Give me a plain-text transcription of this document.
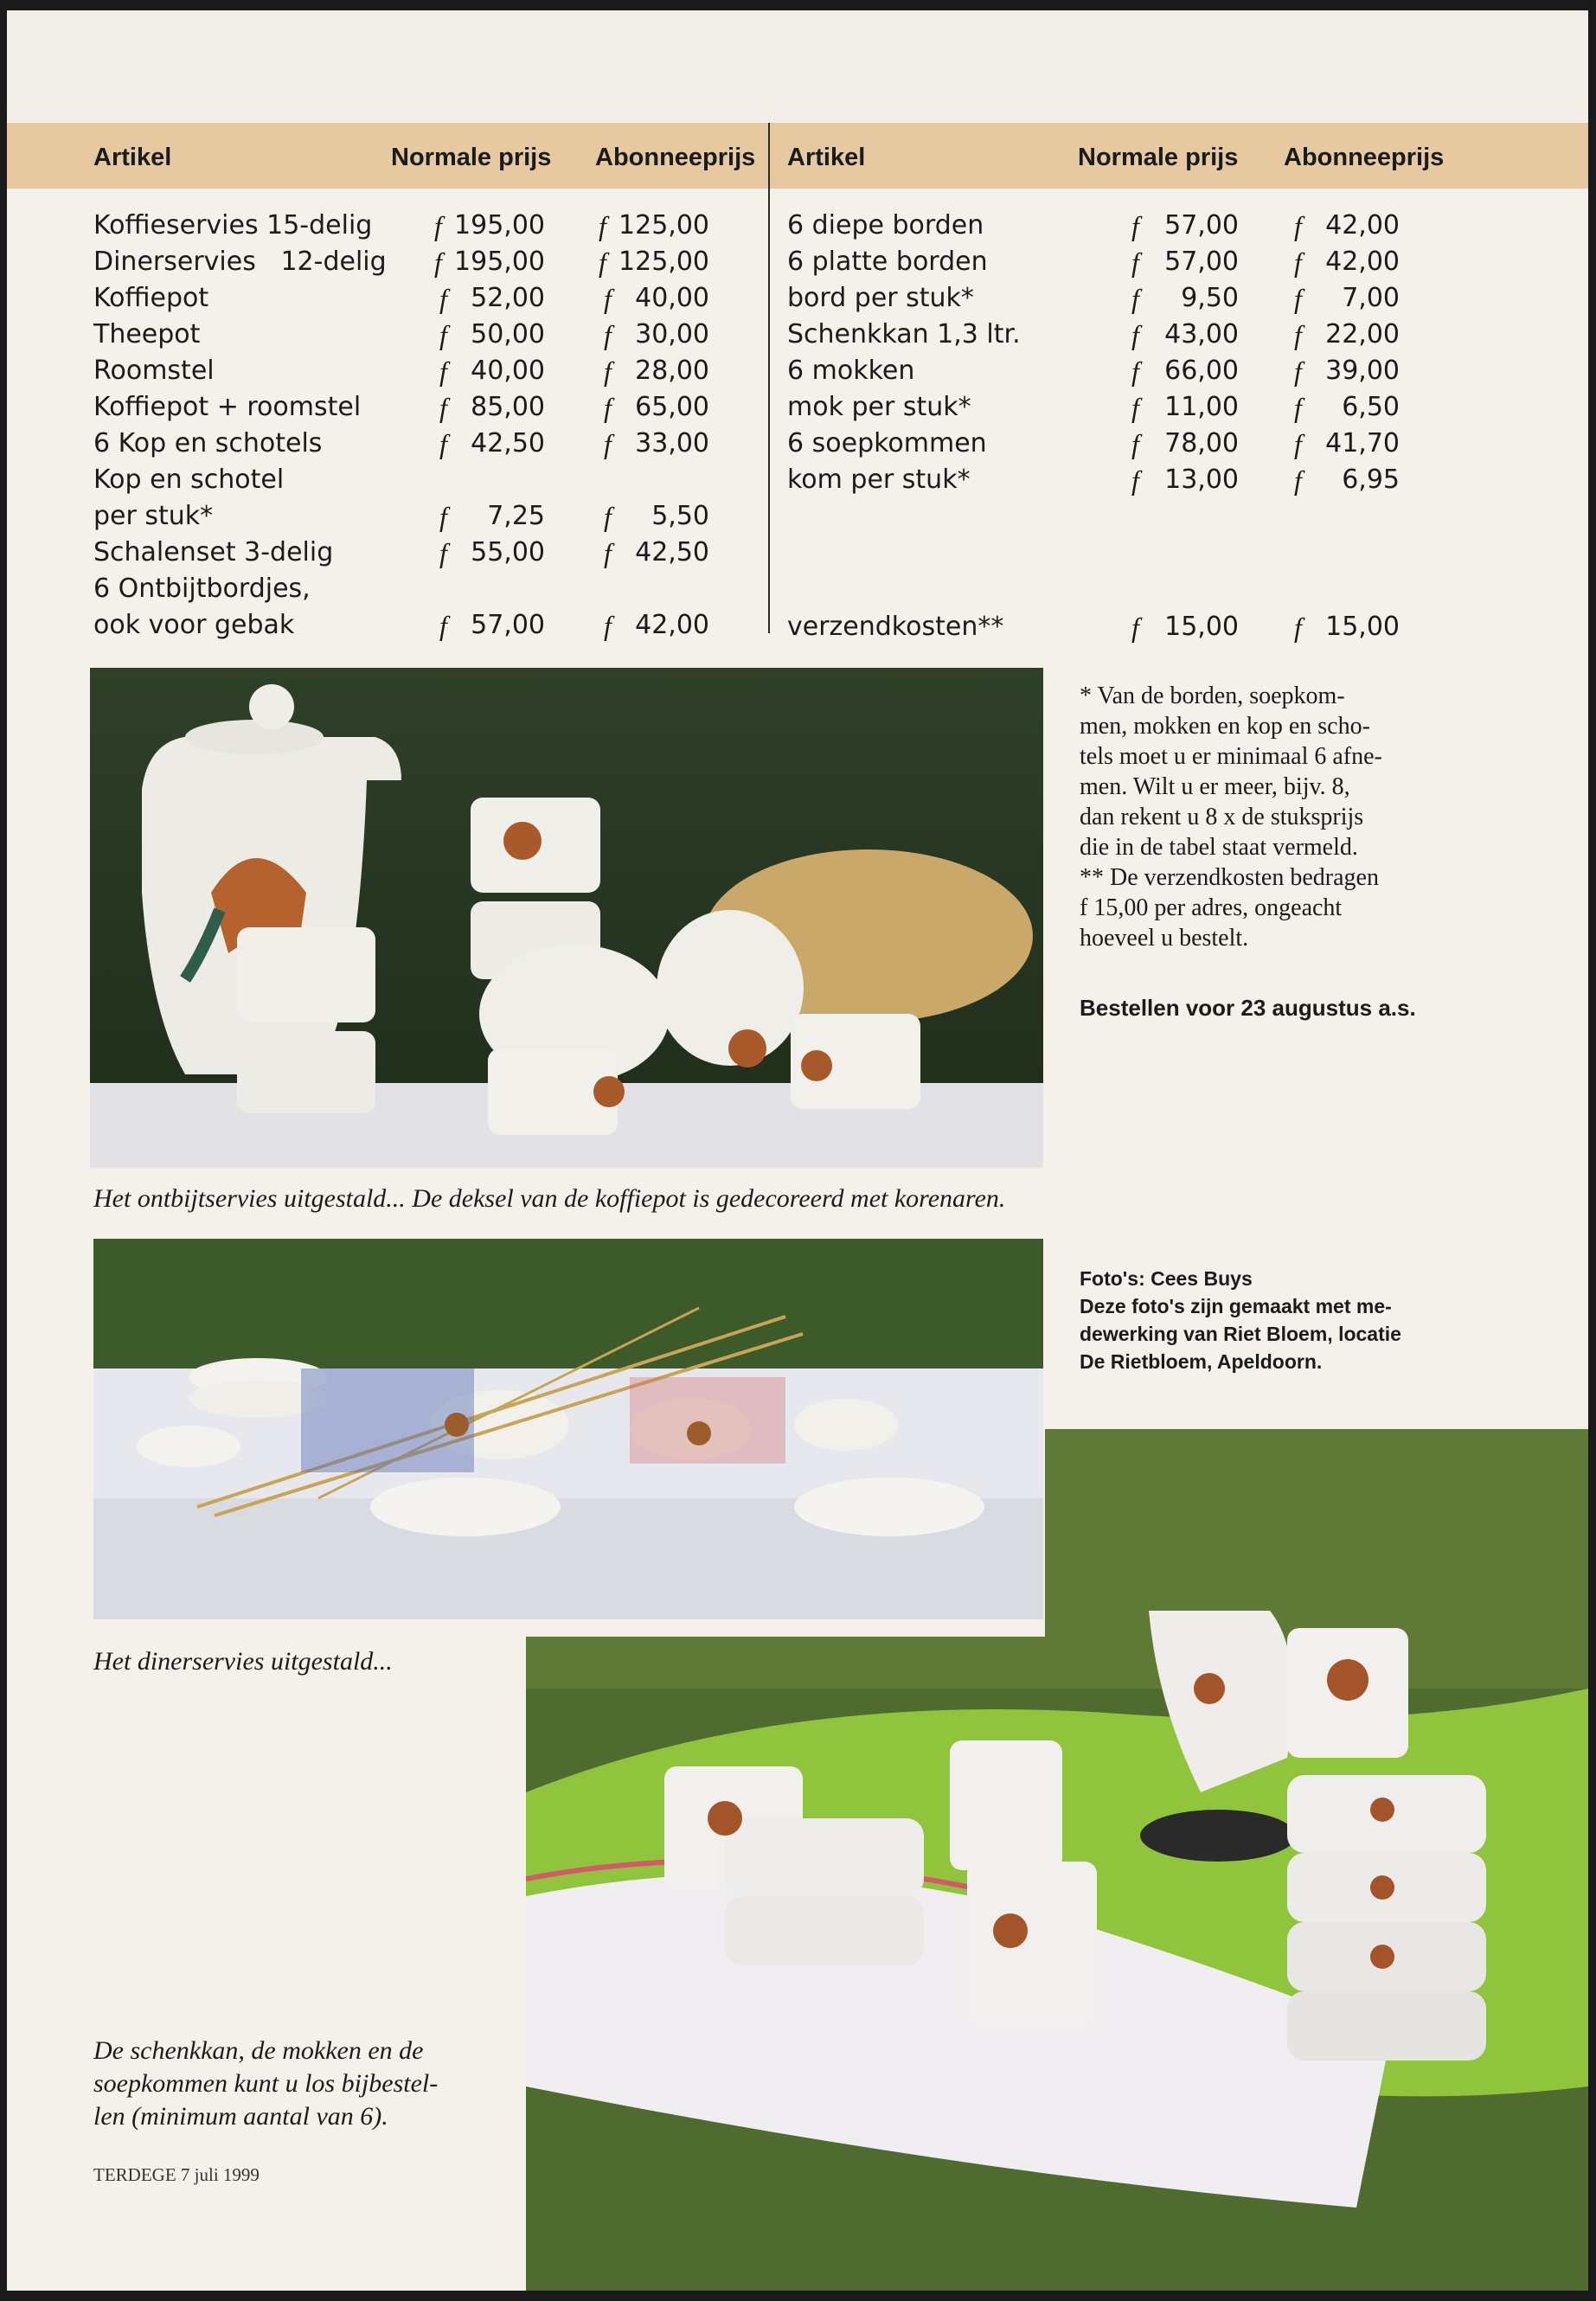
Artikel	Normale prijs Abonneeprijs Artikel	Normale prijs Abonneeprijs
Koffieservies 15-delig f 195,00 f 125,00
Dinerservies   12-delig f 195,00 f 125,00
Koffiepot	f 52,00 f 40,00
Theepot	f 50,00 f 30,00
Roomstel	f 40,00 f 28,00
Koffiepot + roomstel	f 85,00 f 65,00
6 Kop en schotels	f 42,50 f 33,00
Kop en schotel
per stuk*	f	7,25 f	5,50
Schalenset 3-delig	f 55,00 f 42,50
6 Ontbijtbordjes,
ook voor gebak	f 57,00 f 42,00
6 diepe borden	f 57,00 f 42,00
6 platte borden	f 57,00 f 42,00
bord per stuk*	f	9,50 f	7,00
Schenkkan 1,3 ltr.	f 43,00 f 22,00
6 mokken	f 66,00 f 39,00
mok per stuk*	f 11,00 f	6,50
6 soepkommen	f 78,00 f 41,70
kom per stuk*	f 13,00 f	6,95
verzendkosten**	f 15,00 f 15,00
Het ontbijtservies uitgestald... De deksel van de koffiepot is gedecoreerd met korenaren.
* Van de borden, soepkom-
men, mokken en kop en scho-
tels moet u er minimaal 6 afne-
men. Wilt u er meer, bijv. 8,
dan rekent u 8 x de stuksprijs
die in de tabel staat vermeld.
** De verzendkosten bedragen
f 15,00 per adres, ongeacht
hoeveel u bestelt.
Bestellen voor 23 augustus a.s.
Foto's: Cees Buys
Deze foto's zijn gemaakt met me-
dewerking van Riet Bloem, locatie
De Rietbloem, Apeldoorn.
Het dinerservies uitgestald...
De schenkkan, de mokken en de
soepkommen kunt u los bijbestel-
len (minimum aantal van 6).
TERDEGE 7 juli 1999
